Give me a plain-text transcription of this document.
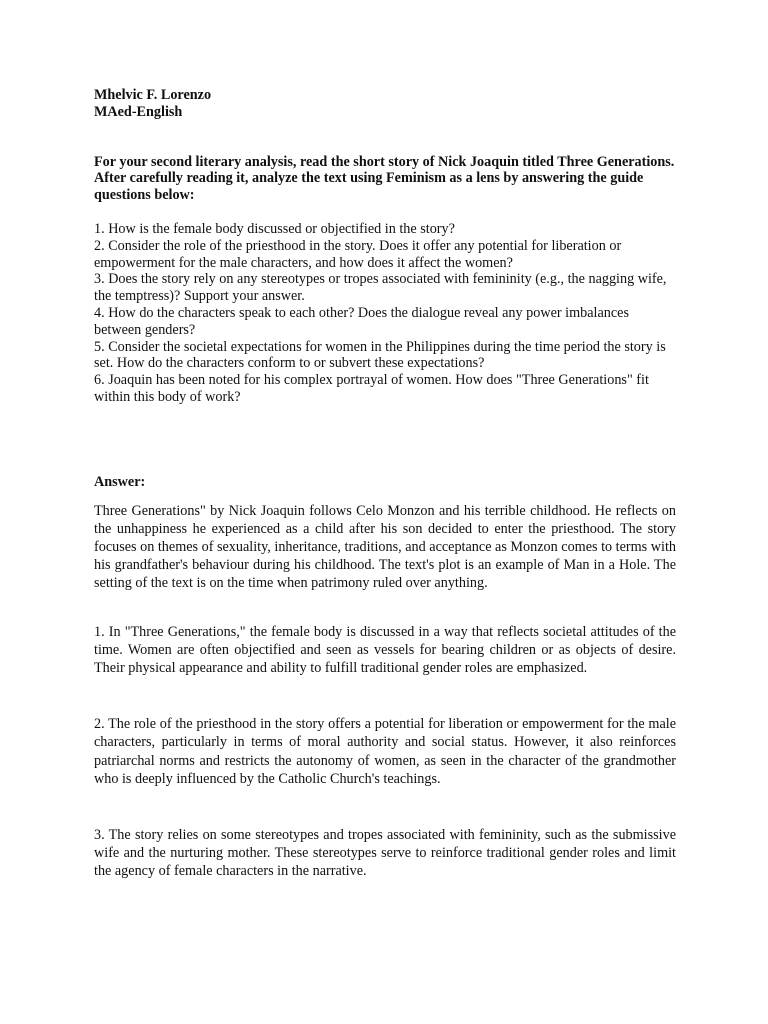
Mhelvic F. Lorenzo

MAed-English

For your second literary analysis, read the short story of Nick Joaquin titled Three Generations. After carefully reading it, analyze the text using Feminism as a lens by answering the guide questions below:

1. How is the female body discussed or objectified in the story?

2. Consider the role of the priesthood in the story. Does it offer any potential for liberation or empowerment for the male characters, and how does it affect the women?

3. Does the story rely on any stereotypes or tropes associated with femininity (e.g., the nagging wife, the temptress)? Support your answer.

4. How do the characters speak to each other? Does the dialogue reveal any power imbalances between genders?

5. Consider the societal expectations for women in the Philippines during the time period the story is set. How do the characters conform to or subvert these expectations?

6. Joaquin has been noted for his complex portrayal of women. How does "Three Generations" fit within this body of work?

Answer:

Three Generations" by Nick Joaquin follows Celo Monzon and his terrible childhood. He reflects on the unhappiness he experienced as a child after his son decided to enter the priesthood. The story focuses on themes of sexuality, inheritance, traditions, and acceptance as Monzon comes to terms with his grandfather's behaviour during his childhood. The text's plot is an example of Man in a Hole. The setting of the text is on the time when patrimony ruled over anything.

1. In "Three Generations," the female body is discussed in a way that reflects societal attitudes of the time. Women are often objectified and seen as vessels for bearing children or as objects of desire. Their physical appearance and ability to fulfill traditional gender roles are emphasized.

2. The role of the priesthood in the story offers a potential for liberation or empowerment for the male characters, particularly in terms of moral authority and social status. However, it also reinforces patriarchal norms and restricts the autonomy of women, as seen in the character of the grandmother who is deeply influenced by the Catholic Church's teachings.

3. The story relies on some stereotypes and tropes associated with femininity, such as the submissive wife and the nurturing mother. These stereotypes serve to reinforce traditional gender roles and limit the agency of female characters in the narrative.
